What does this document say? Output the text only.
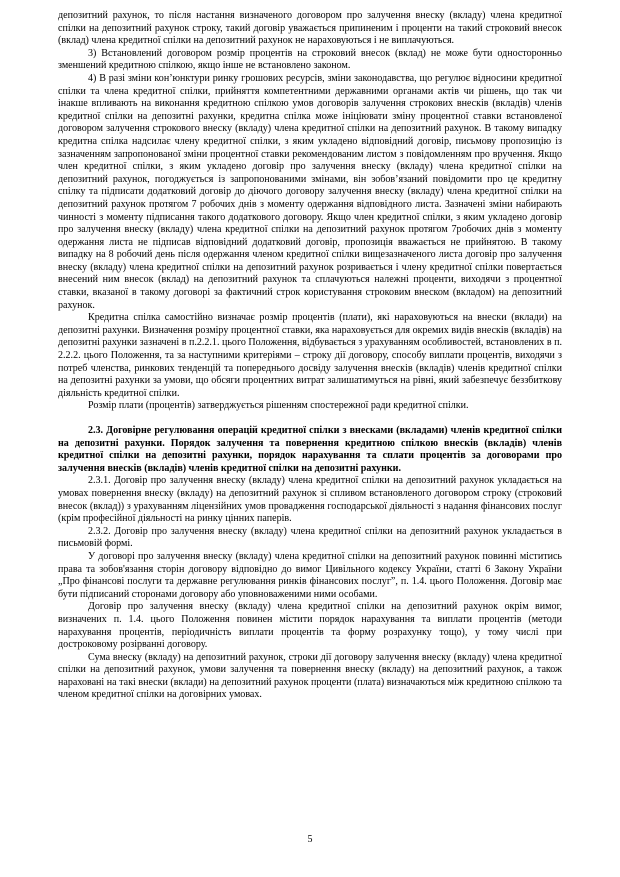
депозитний рахунок, то після настання визначеного договором про залучення внеску (вкладу) члена кредитної спілки на депозитний рахунок строку, такий договір уважається припиненим і проценти на такий строковий внесок (вклад) члена кредитної спілки на депозитний рахунок не нараховуються і не виплачуються.

3) Встановлений договором розмір процентів на строковий внесок (вклад) не може бути односторонньо зменшений кредитною спілкою, якщо інше не встановлено законом.

4) В разі зміни кон’юнктури ринку грошових ресурсів, зміни законодавства, що регулює відносини кредитної спілки та члена кредитної спілки, прийняття компетентними державними органами актів чи рішень, що так чи інакше впливають на виконання кредитною спілкою умов договорів залучення строкових внесків (вкладів) членів кредитної спілки на депозитні рахунки, кредитна спілка може ініціювати зміну процентної ставки встановленої договором залучення строкового внеску (вкладу) члена кредитної спілки на депозитний рахунок. В такому випадку кредитна спілка надсилає члену кредитної спілки, з яким укладено відповідний договір, письмову пропозицію із зазначенням запропонованої зміни процентної ставки рекомендованим листом з повідомленням про вручення. Якщо член кредитної спілки, з яким укладено договір про залучення внеску (вкладу) члена кредитної спілки на депозитний рахунок, погоджується із запропонованими змінами, він зобов’язаний повідомити про це кредитну спілку та підписати додатковий договір до діючого договору залучення внеску (вкладу) члена кредитної спілки на депозитний рахунок протягом 7 робочих днів з моменту одержання відповідного листа. Зазначені зміни набирають чинності з моменту підписання такого додаткового договору. Якщо член кредитної спілки, з яким укладено договір про залучення внеску (вкладу) члена кредитної спілки на депозитний рахунок протягом 7робочих днів з моменту одержання листа не підписав відповідний додатковий договір, пропозиція вважається не прийнятою. В такому випадку на 8 робочий день після одержання членом кредитної спілки вищезазначеного листа договір про залучення внеску (вкладу) члена кредитної спілки на депозитний рахунок розривається і члену кредитної спілки повертається внесений ним внесок (вклад) на депозитний рахунок та сплачуються належні проценти, виходячи з процентної ставки, вказаної в такому договорі за фактичний строк користування строковим внеском (вкладом) на депозитний рахунок.

Кредитна спілка самостійно визначає розмір процентів (плати), які нараховуються на внески (вклади) на депозитні рахунки. Визначення розміру процентної ставки, яка нараховується для окремих видів внесків (вкладів) на депозитні рахунки зазначені в п.2.2.1. цього Положення, відбувається з урахуванням особливостей, встановлених в п. 2.2.2. цього Положення, та за наступними критеріями – строку дії договору, способу виплати процентів, виходячи з потреб членства, ринкових тенденцій та попереднього досвіду залучення внесків (вкладів) членів кредитної спілки на депозитні рахунки за умови, що обсяги процентних витрат залишатимуться на рівні, який забезпечує беззбиткову діяльність кредитної спілки.

Розмір плати (процентів) затверджується рішенням спостережної ради кредитної спілки.

2.3. Договірне регулювання операцій кредитної спілки з внесками (вкладами) членів кредитної спілки на депозитні рахунки. Порядок залучення та повернення кредитною спілкою внесків (вкладів) членів кредитної спілки на депозитні рахунки, порядок нарахування та сплати процентів за договорами про залучення внесків (вкладів) членів кредитної спілки на депозитні рахунки.

2.3.1. Договір про залучення внеску (вкладу) члена кредитної спілки на депозитний рахунок укладається на умовах повернення внеску (вкладу) на депозитний рахунок зі спливом встановленого договором строку (строковий внесок (вклад)) з урахуванням ліцензійних умов провадження господарської діяльності з надання фінансових послуг (крім професійної діяльності на ринку цінних паперів.

2.3.2. Договір про залучення внеску (вкладу) члена кредитної спілки на депозитний рахунок укладається в письмовій формі.

У договорі про залучення внеску (вкладу) члена кредитної спілки на депозитний рахунок повинні міститись права та зобов'язання сторін договору відповідно до вимог Цивільного кодексу України, статті 6 Закону України „Про фінансові послуги та державне регулювання ринків фінансових послуг”, п. 1.4. цього Положення. Договір має бути підписаний сторонами договору або уповноваженими ними особами.

Договір про залучення внеску (вкладу) члена кредитної спілки на депозитний рахунок окрім вимог, визначених п. 1.4. цього Положення повинен містити порядок нарахування та виплати процентів (методи нарахування процентів, періодичність виплати процентів та форму розрахунку тощо), у тому числі при достроковому розірванні договору.

Сума внеску (вкладу) на депозитний рахунок, строки дії договору залучення внеску (вкладу) члена кредитної спілки на депозитний рахунок, умови залучення та повернення внеску (вкладу) на депозитний рахунок, а також нараховані на такі внески (вклади) на депозитний рахунок проценти (плата) визначаються між кредитною спілкою та членом кредитної спілки на договірних умовах.

5
